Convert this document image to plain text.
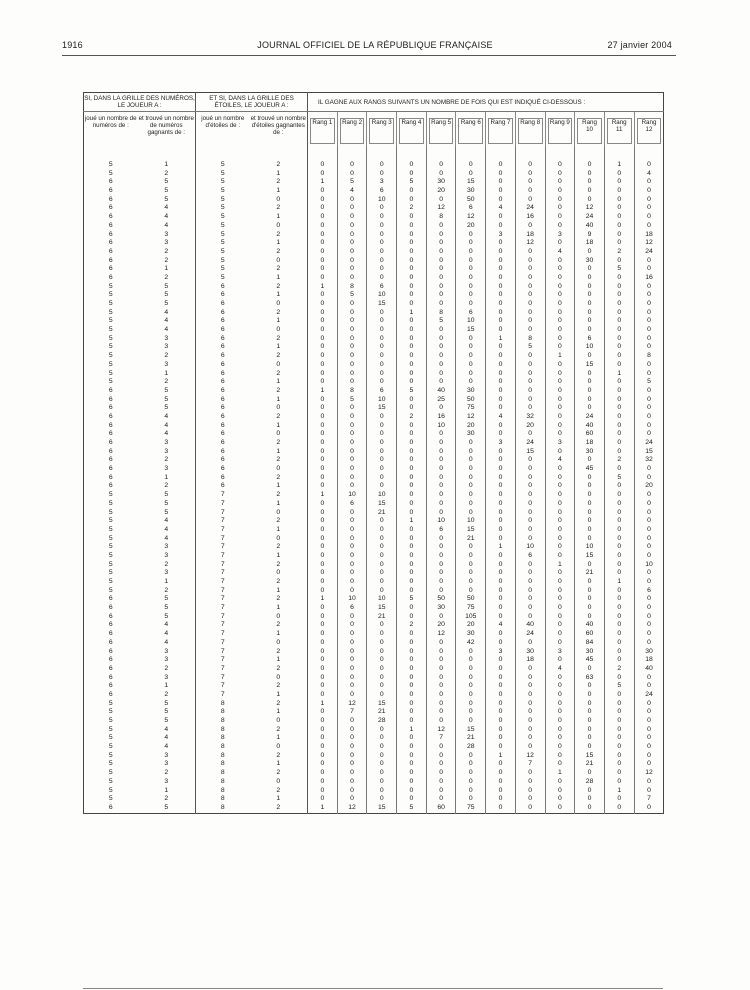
1916	JOURNAL OFFICIEL DE LA RÉPUBLIQUE FRANÇAISE	27 janvier 2004
SI, DANS LA GRILLE DES NUMÉROS, LE JOUEUR A :		ET SI, DANS LA GRILLE DES ÉTOILES, LE JOUEUR A :		IL GAGNE AUX RANGS SUIVANTS UN NOMBRE DE FOIS QUI EST INDIQUÉ CI-DESSOUS :											
joué un nombre de numéros de :	et trouvé un nombre de numéros gagnants de :	joué un nombre d'étoiles de :	et trouvé un nombre d'étoiles gagnantes de :	Rang 1	Rang 2	Rang 3	Rang 4	Rang 5	Rang 6	Rang 7	Rang 8	Rang 9	Rang 10	Rang 11	Rang 12

5	1	5	2	0	0	0	0	0	0	0	0	0	0	1	0
5	2	5	1	0	0	0	0	0	0	0	0	0	0	0	4
6	5	5	2	1	5	3	5	30	15	0	0	0	0	0	0
6	5	5	1	0	4	6	0	20	30	0	0	0	0	0	0
6	5	5	0	0	0	10	0	0	50	0	0	0	0	0	0
6	4	5	2	0	0	0	2	12	6	4	24	0	12	0	0
6	4	5	1	0	0	0	0	8	12	0	16	0	24	0	0
6	4	5	0	0	0	0	0	0	20	0	0	0	40	0	0
6	3	5	2	0	0	0	0	0	0	3	18	3	9	0	18
6	3	5	1	0	0	0	0	0	0	0	12	0	18	0	12
6	2	5	2	0	0	0	0	0	0	0	0	4	0	2	24
6	2	5	0	0	0	0	0	0	0	0	0	0	30	0	0
6	1	5	2	0	0	0	0	0	0	0	0	0	0	5	0
6	2	5	1	0	0	0	0	0	0	0	0	0	0	0	16
5	5	6	2	1	8	6	0	0	0	0	0	0	0	0	0
5	5	6	1	0	5	10	0	0	0	0	0	0	0	0	0
5	5	6	0	0	0	15	0	0	0	0	0	0	0	0	0
5	4	6	2	0	0	0	1	8	6	0	0	0	0	0	0
5	4	6	1	0	0	0	0	5	10	0	0	0	0	0	0
5	4	6	0	0	0	0	0	0	15	0	0	0	0	0	0
5	3	6	2	0	0	0	0	0	0	1	8	0	6	0	0
5	3	6	1	0	0	0	0	0	0	0	5	0	10	0	0
5	2	6	2	0	0	0	0	0	0	0	0	1	0	0	8
5	3	6	0	0	0	0	0	0	0	0	0	0	15	0	0
5	1	6	2	0	0	0	0	0	0	0	0	0	0	1	0
5	2	6	1	0	0	0	0	0	0	0	0	0	0	0	5
6	5	6	2	1	8	6	5	40	30	0	0	0	0	0	0
6	5	6	1	0	5	10	0	25	50	0	0	0	0	0	0
6	5	6	0	0	0	15	0	0	75	0	0	0	0	0	0
6	4	6	2	0	0	0	2	16	12	4	32	0	24	0	0
6	4	6	1	0	0	0	0	10	20	0	20	0	40	0	0
6	4	6	0	0	0	0	0	0	30	0	0	0	60	0	0
6	3	6	2	0	0	0	0	0	0	3	24	3	18	0	24
6	3	6	1	0	0	0	0	0	0	0	15	0	30	0	15
6	2	6	2	0	0	0	0	0	0	0	0	4	0	2	32
6	3	6	0	0	0	0	0	0	0	0	0	0	45	0	0
6	1	6	2	0	0	0	0	0	0	0	0	0	0	5	0
6	2	6	1	0	0	0	0	0	0	0	0	0	0	0	20
5	5	7	2	1	10	10	0	0	0	0	0	0	0	0	0
5	5	7	1	0	6	15	0	0	0	0	0	0	0	0	0
5	5	7	0	0	0	21	0	0	0	0	0	0	0	0	0
5	4	7	2	0	0	0	1	10	10	0	0	0	0	0	0
5	4	7	1	0	0	0	0	6	15	0	0	0	0	0	0
5	4	7	0	0	0	0	0	0	21	0	0	0	0	0	0
5	3	7	2	0	0	0	0	0	0	1	10	0	10	0	0
5	3	7	1	0	0	0	0	0	0	0	6	0	15	0	0
5	2	7	2	0	0	0	0	0	0	0	0	1	0	0	10
5	3	7	0	0	0	0	0	0	0	0	0	0	21	0	0
5	1	7	2	0	0	0	0	0	0	0	0	0	0	1	0
5	2	7	1	0	0	0	0	0	0	0	0	0	0	0	6
6	5	7	2	1	10	10	5	50	50	0	0	0	0	0	0
6	5	7	1	0	6	15	0	30	75	0	0	0	0	0	0
6	5	7	0	0	0	21	0	0	105	0	0	0	0	0	0
6	4	7	2	0	0	0	2	20	20	4	40	0	40	0	0
6	4	7	1	0	0	0	0	12	30	0	24	0	60	0	0
6	4	7	0	0	0	0	0	0	42	0	0	0	84	0	0
6	3	7	2	0	0	0	0	0	0	3	30	3	30	0	30
6	3	7	1	0	0	0	0	0	0	0	18	0	45	0	18
6	2	7	2	0	0	0	0	0	0	0	0	4	0	2	40
6	3	7	0	0	0	0	0	0	0	0	0	0	63	0	0
6	1	7	2	0	0	0	0	0	0	0	0	0	0	5	0
6	2	7	1	0	0	0	0	0	0	0	0	0	0	0	24
5	5	8	2	1	12	15	0	0	0	0	0	0	0	0	0
5	5	8	1	0	7	21	0	0	0	0	0	0	0	0	0
5	5	8	0	0	0	28	0	0	0	0	0	0	0	0	0
5	4	8	2	0	0	0	1	12	15	0	0	0	0	0	0
5	4	8	1	0	0	0	0	7	21	0	0	0	0	0	0
5	4	8	0	0	0	0	0	0	28	0	0	0	0	0	0
5	3	8	2	0	0	0	0	0	0	1	12	0	15	0	0
5	3	8	1	0	0	0	0	0	0	0	7	0	21	0	0
5	2	8	2	0	0	0	0	0	0	0	0	1	0	0	12
5	3	8	0	0	0	0	0	0	0	0	0	0	28	0	0
5	1	8	2	0	0	0	0	0	0	0	0	0	0	1	0
5	2	8	1	0	0	0	0	0	0	0	0	0	0	0	7
6	5	8	2	1	12	15	5	60	75	0	0	0	0	0	0
